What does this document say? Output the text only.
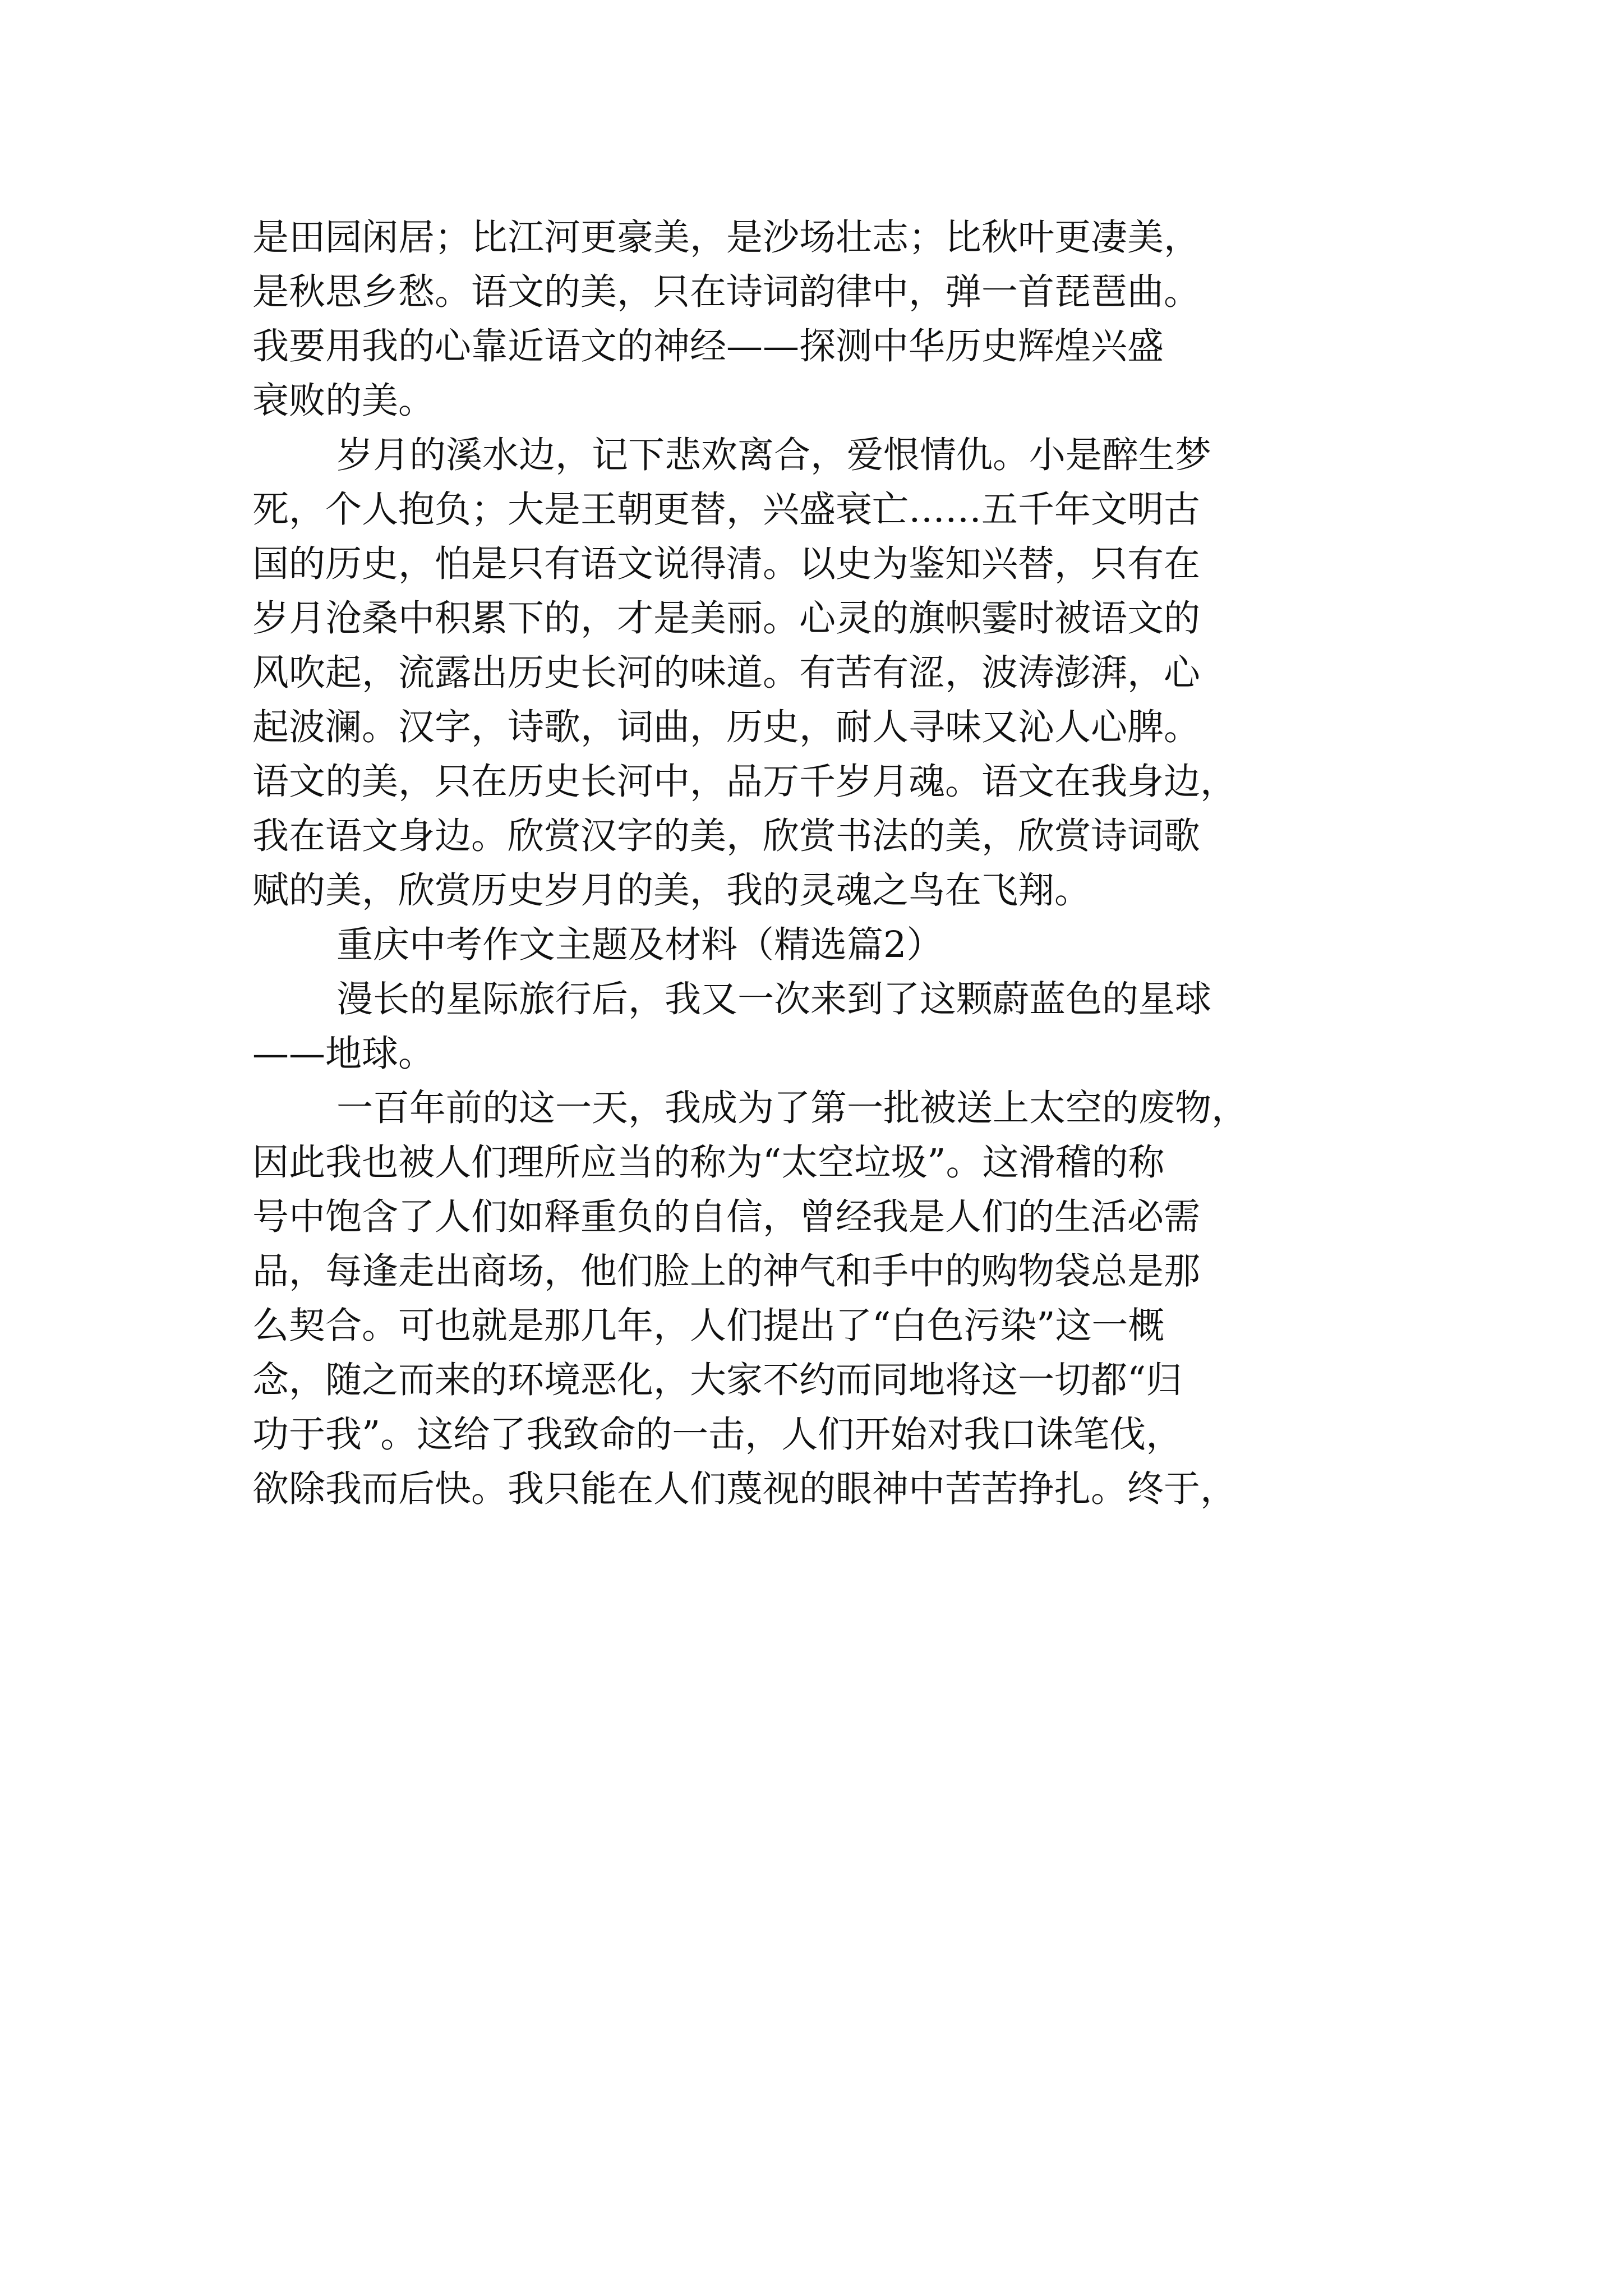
是田园闲居；比江河更豪美，是沙场壮志；比秋叶更凄美，
是秋思乡愁。语文的美，只在诗词韵律中，弹一首琵琶曲。
我要用我的心靠近语文的神经——探测中华历史辉煌兴盛
衰败的美。
岁月的溪水边，记下悲欢离合，爱恨情仇。小是醉生梦
死，个人抱负；大是王朝更替，兴盛衰亡……五千年文明古
国的历史，怕是只有语文说得清。以史为鉴知兴替，只有在
岁月沧桑中积累下的，才是美丽。心灵的旗帜霎时被语文的
风吹起，流露出历史长河的味道。有苦有涩，波涛澎湃，心
起波澜。汉字，诗歌，词曲，历史，耐人寻味又沁人心脾。
语文的美，只在历史长河中，品万千岁月魂。语文在我身边，
我在语文身边。欣赏汉字的美，欣赏书法的美，欣赏诗词歌
赋的美，欣赏历史岁月的美，我的灵魂之鸟在飞翔。
重庆中考作文主题及材料（精选篇2）
漫长的星际旅行后，我又一次来到了这颗蔚蓝色的星球
——地球。
一百年前的这一天，我成为了第一批被送上太空的废物，
因此我也被人们理所应当的称为“太空垃圾”。这滑稽的称
号中饱含了人们如释重负的自信，曾经我是人们的生活必需
品，每逢走出商场，他们脸上的神气和手中的购物袋总是那
么契合。可也就是那几年，人们提出了“白色污染”这一概
念，随之而来的环境恶化，大家不约而同地将这一切都“归
功于我”。这给了我致命的一击，人们开始对我口诛笔伐，
欲除我而后快。我只能在人们蔑视的眼神中苦苦挣扎。终于，
